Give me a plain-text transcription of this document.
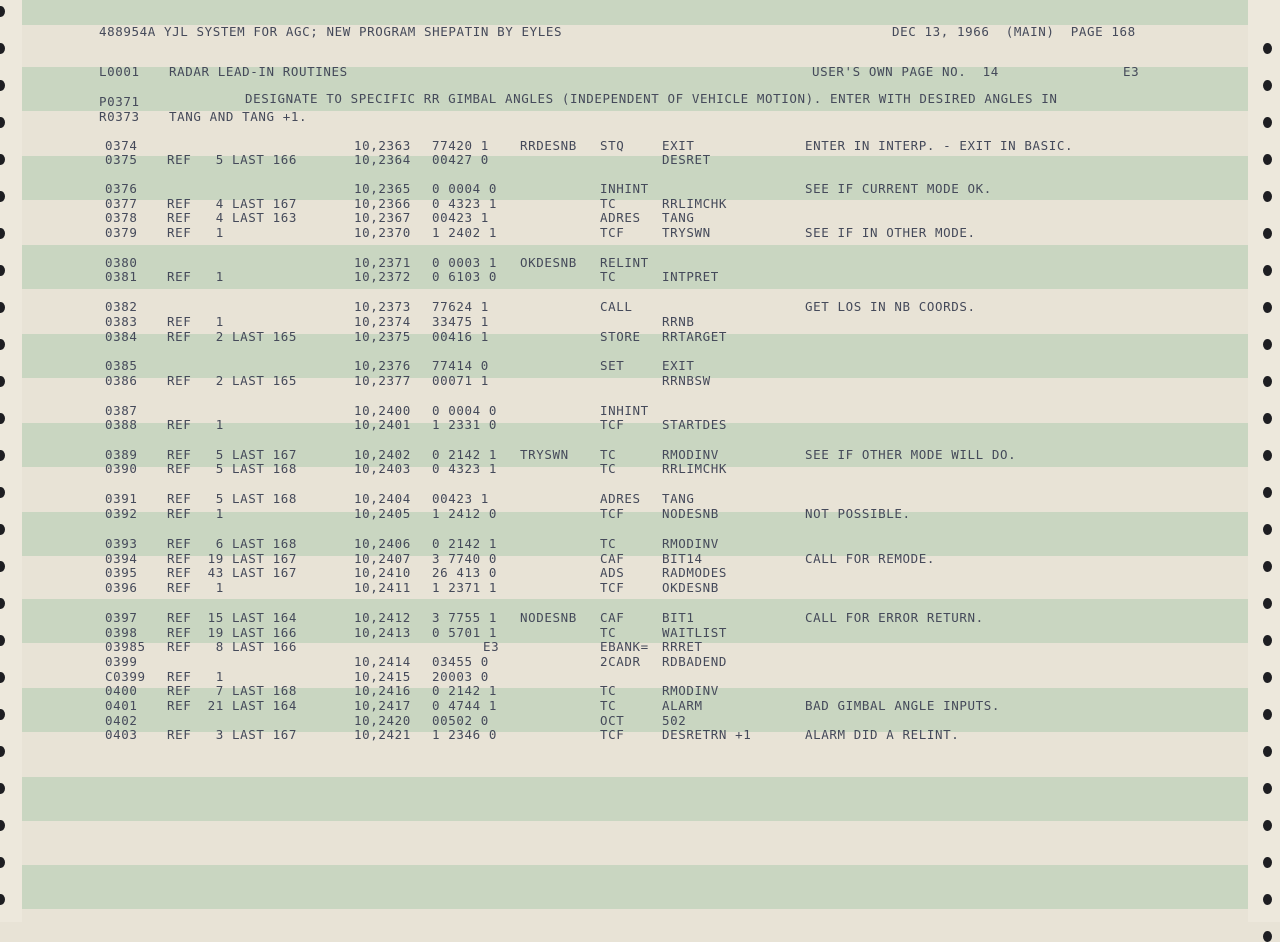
488954A YJL SYSTEM FOR AGC; NEW PROGRAM SHEPATIN BY EYLES	DEC 13, 1966  (MAIN)  PAGE 168
L0001 RADAR LEAD-IN ROUTINES	USER'S OWN PAGE NO.  14	E3
P0371	DESIGNATE TO SPECIFIC RR GIMBAL ANGLES (INDEPENDENT OF VEHICLE MOTION). ENTER WITH DESIRED ANGLES IN
R0373 TANG AND TANG +1.
0374	10,2363 77420 1 RRDESNB STQ	EXIT	ENTER IN INTERP. - EXIT IN BASIC.
0375 REF   5 LAST 166	10,2364 00427 0	DESRET
0376	10,2365 0 0004 0	INHINT	SEE IF CURRENT MODE OK.
0377 REF   4 LAST 167	10,2366 0 4323 1	TC	RRLIMCHK
0378 REF   4 LAST 163	10,2367 00423 1	ADRES TANG
0379 REF   1	10,2370 1 2402 1	TCF	TRYSWN	SEE IF IN OTHER MODE.
0380	10,2371 0 0003 1 OKDESNB RELINT
0381 REF   1	10,2372 0 6103 0	TC	INTPRET
0382	10,2373 77624 1	CALL	GET LOS IN NB COORDS.
0383 REF   1	10,2374 33475 1	RRNB
0384 REF   2 LAST 165	10,2375 00416 1	STORE RRTARGET
0385	10,2376 77414 0	SET	EXIT
0386 REF   2 LAST 165	10,2377 00071 1	RRNBSW
0387	10,2400 0 0004 0	INHINT
0388 REF   1	10,2401 1 2331 0	TCF	STARTDES
0389 REF   5 LAST 167	10,2402 0 2142 1 TRYSWN TC	RMODINV	SEE IF OTHER MODE WILL DO.
0390 REF   5 LAST 168	10,2403 0 4323 1	TC	RRLIMCHK
0391 REF   5 LAST 168	10,2404 00423 1	ADRES TANG
0392 REF   1	10,2405 1 2412 0	TCF	NODESNB	NOT POSSIBLE.
0393 REF   6 LAST 168	10,2406 0 2142 1	TC	RMODINV
0394 REF  19 LAST 167	10,2407 3 7740 0	CAF	BIT14	CALL FOR REMODE.
0395 REF  43 LAST 167	10,2410 26 413 0	ADS	RADMODES
0396 REF   1	10,2411 1 2371 1	TCF	OKDESNB
0397 REF  15 LAST 164	10,2412 3 7755 1 NODESNB CAF	BIT1	CALL FOR ERROR RETURN.
0398 REF  19 LAST 166	10,2413 0 5701 1	TC	WAITLIST
03985 REF   8 LAST 166	E3	EBANK= RRRET
0399	10,2414 03455 0	2CADR RDBADEND
C0399 REF   1	10,2415 20003 0
0400 REF   7 LAST 168	10,2416 0 2142 1	TC	RMODINV
0401 REF  21 LAST 164	10,2417 0 4744 1	TC	ALARM	BAD GIMBAL ANGLE INPUTS.
0402	10,2420 00502 0	OCT	502
0403 REF   3 LAST 167	10,2421 1 2346 0	TCF	DESRETRN +1	ALARM DID A RELINT.
